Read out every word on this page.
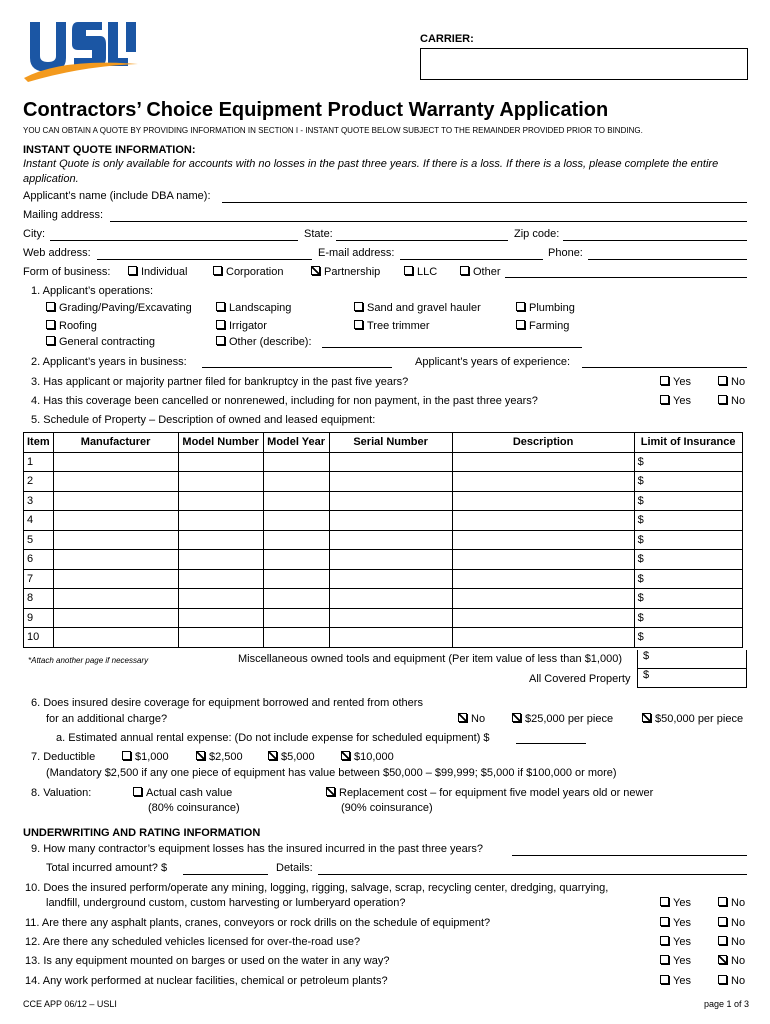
CARRIER:
Contractors’ Choice Equipment Product Warranty Application
YOU CAN OBTAIN A QUOTE BY PROVIDING INFORMATION IN SECTION I - INSTANT QUOTE BELOW SUBJECT TO THE REMAINDER PROVIDED PRIOR TO BINDING.
INSTANT QUOTE INFORMATION:
Instant Quote is only available for accounts with no losses in the past three years. If there is a loss. If there is a loss, please complete the entire
application.
Applicant’s name (include DBA name):
Mailing address:
City:	State:	Zip code:
Web address:	E-mail address:	Phone:
Form of business:	Individual	Corporation	Partnership	LLC	Other
1. Applicant’s operations:
Grading/Paving/Excavating
Roofing
General contracting
Landscaping
Irrigator
Other (describe):
Sand and gravel hauler
Tree trimmer
Plumbing
Farming
2. Applicant’s years in business:	Applicant’s years of experience:
3. Has applicant or majority partner filed for bankruptcy in the past five years?	Yes	No
4. Has this coverage been cancelled or nonrenewed, including for non payment, in the past three years?	Yes	No
5. Schedule of Property – Description of owned and leased equipment:
Item	Manufacturer	Model Number	Model Year	Serial Number	Description	Limit of Insurance
1						$
2						$
3						$
4						$
5						$
6						$
7						$
8						$
9						$
10						$
*Attach another page if necessary	Miscellaneous owned tools and equipment (Per item value of less than $1,000)	$
All Covered Property	$
6. Does insured desire coverage for equipment borrowed and rented from others
for an additional charge?	No	$25,000 per piece	$50,000 per piece
a. Estimated annual rental expense: (Do not include expense for scheduled equipment) $
7. Deductible	$1,000	$2,500	$5,000	$10,000
(Mandatory $2,500 if any one piece of equipment has value between $50,000 – $99,999; $5,000 if $100,000 or more)
8. Valuation:	Actual cash value
(80% coinsurance)
Replacement cost – for equipment five model years old or newer
(90% coinsurance)
UNDERWRITING AND RATING INFORMATION
9. How many contractor’s equipment losses has the insured incurred in the past three years?
Total incurred amount? $	Details:
10. Does the insured perform/operate any mining, logging, rigging, salvage, scrap, recycling center, dredging, quarrying,
landfill, underground custom, custom harvesting or lumberyard operation?	Yes	No
11. Are there any asphalt plants, cranes, conveyors or rock drills on the schedule of equipment?	Yes	No
12. Are there any scheduled vehicles licensed for over-the-road use?	Yes	No
13. Is any equipment mounted on barges or used on the water in any way?	Yes	No
14. Any work performed at nuclear facilities, chemical or petroleum plants?	Yes	No
CCE APP 06/12 – USLI	page 1 of 3
